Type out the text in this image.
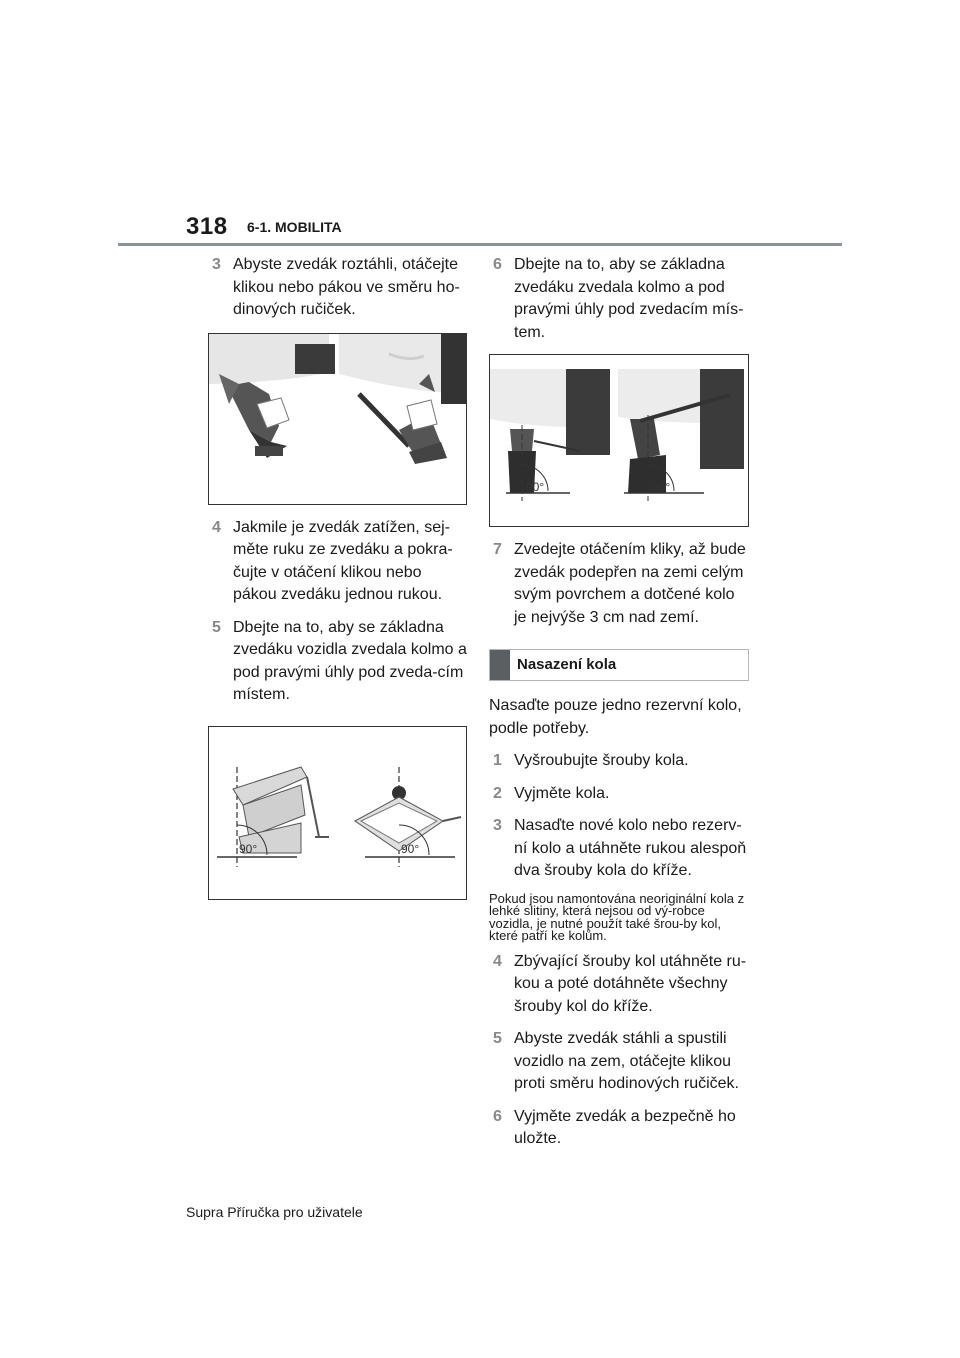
318 6-1. MOBILITA
3 Abyste zvedák roztáhli, otáčejte klikou nebo pákou ve směru ho-dinových ručiček.
4 Jakmile je zvedák zatížen, sej-měte ruku ze zvedáku a pokra-čujte v otáčení klikou nebo pákou zvedáku jednou rukou.
5 Dbejte na to, aby se základna zvedáku vozidla zvedala kolmo a pod pravými úhly pod zveda-cím místem.
90°	90°
6 Dbejte na to, aby se základna zvedáku zvedala kolmo a pod pravými úhly pod zvedacím mís-tem.
90°	90°
7 Zvedejte otáčením kliky, až bude zvedák podepřen na zemi celým svým povrchem a dotčené kolo je nejvýše 3 cm nad zemí.
Nasazení kola
Nasaďte pouze jedno rezervní kolo, podle potřeby.
1 Vyšroubujte šrouby kola.
2 Vyjměte kola.
3 Nasaďte nové kolo nebo rezerv-ní kolo a utáhněte rukou alespoň dva šrouby kola do kříže.
Pokud jsou namontována neoriginální kola z lehké slitiny, která nejsou od vý-robce vozidla, je nutné použít také šrou-by kol, které patří ke kolům.
4 Zbývající šrouby kol utáhněte ru-kou a poté dotáhněte všechny šrouby kol do kříže.
5 Abyste zvedák stáhli a spustili vozidlo na zem, otáčejte klikou proti směru hodinových ručiček.
6 Vyjměte zvedák a bezpečně ho uložte.
Supra Příručka pro uživatele
